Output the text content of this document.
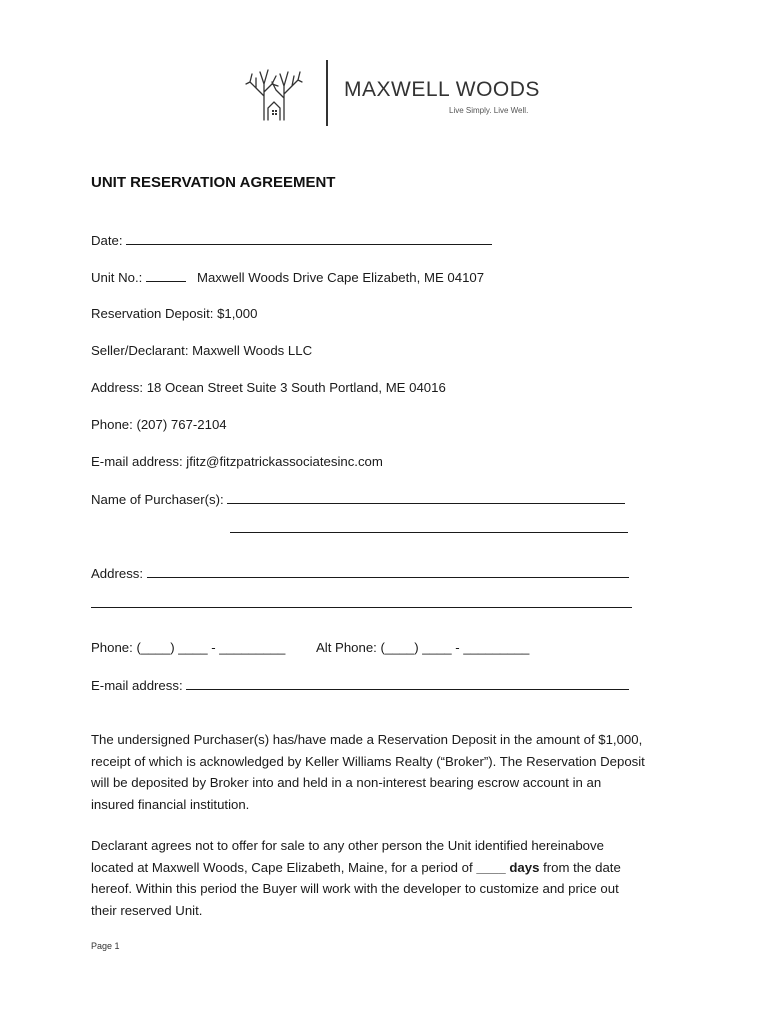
MAXWELL WOODS
Live Simply. Live Well.
UNIT RESERVATION AGREEMENT
Date:
Unit No.:	Maxwell Woods Drive Cape Elizabeth, ME 04107
Reservation Deposit: $1,000
Seller/Declarant: Maxwell Woods LLC
Address: 18 Ocean Street Suite 3 South Portland, ME 04016
Phone: (207) 767-2104
E-mail address: jfitz@fitzpatrickassociatesinc.com
Name of Purchaser(s):
Address:
Phone: (____) ____ - _________ Alt Phone: (____) ____ - _________
E-mail address:

The undersigned Purchaser(s) has/have made a Reservation Deposit in the amount of $1,000,

receipt of which is acknowledged by Keller Williams Realty (“Broker”). The Reservation Deposit

will be deposited by Broker into and held in a non-interest bearing escrow account in an

insured financial institution.

Declarant agrees not to offer for sale to any other person the Unit identified hereinabove

located at Maxwell Woods, Cape Elizabeth, Maine, for a period of ____ days from the date

hereof. Within this period the Buyer will work with the developer to customize and price out

their reserved Unit.

Page 1
